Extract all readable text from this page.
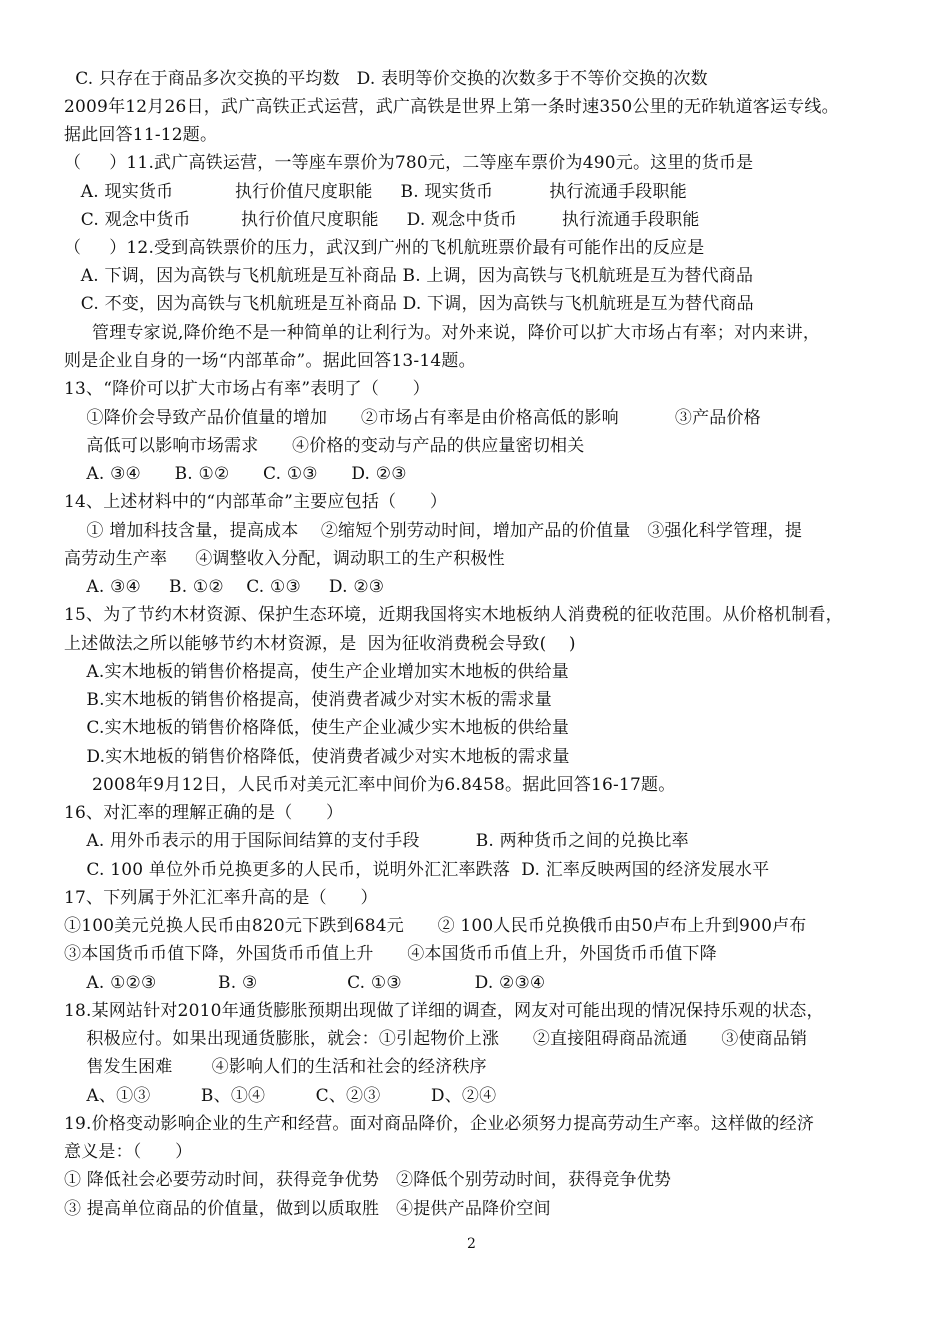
C. 只存在于商品多次交换的平均数   D. 表明等价交换的次数多于不等价交换的次数
2009年12月26日，武广高铁正式运营，武广高铁是世界上第一条时速350公里的无砟轨道客运专线。
据此回答11-12题。
（     ）11.武广高铁运营，一等座车票价为780元，二等座车票价为490元。这里的货币是
A. 现实货币           执行价值尺度职能     B. 现实货币          执行流通手段职能
C. 观念中货币         执行价值尺度职能     D. 观念中货币        执行流通手段职能
（     ）12.受到高铁票价的压力，武汉到广州的飞机航班票价最有可能作出的反应是
A. 下调，因为高铁与飞机航班是互补商品 B. 上调，因为高铁与飞机航班是互为替代商品
C. 不变，因为高铁与飞机航班是互补商品 D. 下调，因为高铁与飞机航班是互为替代商品
管理专家说,降价绝不是一种简单的让利行为。对外来说，降价可以扩大市场占有率；对内来讲，
则是企业自身的一场“内部革命”。据此回答13-14题。
13、“降价可以扩大市场占有率”表明了（      ）
①降价会导致产品价值量的增加      ②市场占有率是由价格高低的影响          ③产品价格
高低可以影响市场需求      ④价格的变动与产品的供应量密切相关
A. ③④      B. ①②      C. ①③      D. ②③
14、上述材料中的“内部革命”主要应包括（      ）
① 增加科技含量，提高成本    ②缩短个别劳动时间，增加产品的价值量   ③强化科学管理，提
高劳动生产率     ④调整收入分配，调动职工的生产积极性
A. ③④     B. ①②    C. ①③     D. ②③
15、为了节约木材资源、保护生态环境，近期我国将实木地板纳人消费税的征收范围。从价格机制看，
上述做法之所以能够节约木材资源，是  因为征收消费税会导致(    )
A.实木地板的销售价格提高，使生产企业增加实木地板的供给量
B.实木地板的销售价格提高，使消费者减少对实木板的需求量
C.实木地板的销售价格降低，使生产企业减少实木地板的供给量
D.实木地板的销售价格降低，使消费者减少对实木地板的需求量
2008年9月12日，人民币对美元汇率中间价为6.8458。据此回答16-17题。
16、对汇率的理解正确的是（      ）
A. 用外币表示的用于国际间结算的支付手段          B. 两种货币之间的兑换比率
C. 100 单位外币兑换更多的人民币，说明外汇汇率跌落  D. 汇率反映两国的经济发展水平
17、下列属于外汇汇率升高的是（      ）
①100美元兑换人民币由820元下跌到684元      ② 100人民币兑换俄币由50卢布上升到900卢布
③本国货币币值下降，外国货币币值上升      ④本国货币币值上升，外国货币币值下降
A. ①②③           B. ③                C. ①③             D. ②③④
18.某网站针对2010年通货膨胀预期出现做了详细的调查，网友对可能出现的情况保持乐观的状态，
积极应付。如果出现通货膨胀，就会：①引起物价上涨      ②直接阻碍商品流通      ③使商品销
售发生困难       ④影响人们的生活和社会的经济秩序
A、①③         B、①④         C、②③         D、②④
19.价格变动影响企业的生产和经营。面对商品降价，企业必须努力提高劳动生产率。这样做的经济
意义是：（      ）
① 降低社会必要劳动时间，获得竞争优势   ②降低个别劳动时间，获得竞争优势
③ 提高单位商品的价值量，做到以质取胜   ④提供产品降价空间
2
